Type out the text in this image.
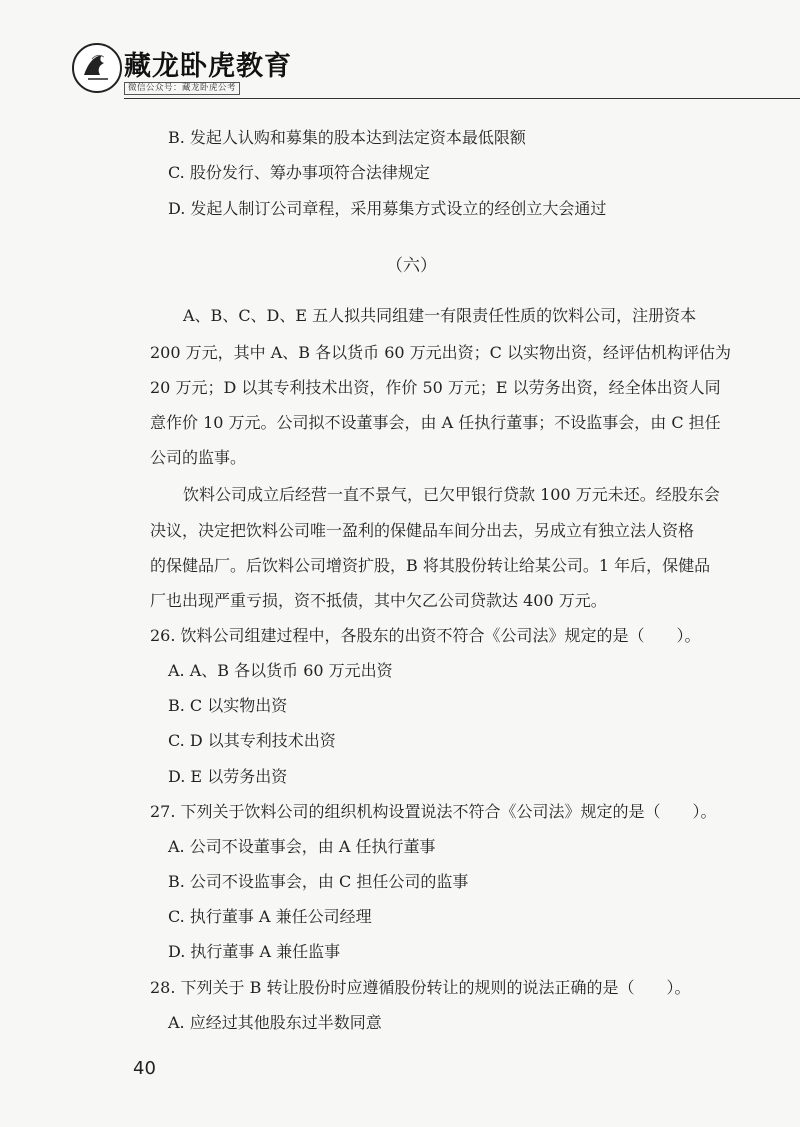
藏龙卧虎教育
微信公众号：藏龙卧虎公考
B. 发起人认购和募集的股本达到法定资本最低限额
C. 股份发行、筹办事项符合法律规定
D. 发起人制订公司章程，采用募集方式设立的经创立大会通过
（六）
A、B、C、D、E 五人拟共同组建一有限责任性质的饮料公司，注册资本
200 万元，其中 A、B 各以货币 60 万元出资；C 以实物出资，经评估机构评估为
20 万元；D 以其专利技术出资，作价 50 万元；E 以劳务出资，经全体出资人同
意作价 10 万元。公司拟不设董事会，由 A 任执行董事；不设监事会，由 C 担任
公司的监事。
饮料公司成立后经营一直不景气，已欠甲银行贷款 100 万元未还。经股东会
决议，决定把饮料公司唯一盈利的保健品车间分出去，另成立有独立法人资格
的保健品厂。后饮料公司增资扩股，B 将其股份转让给某公司。1 年后，保健品
厂也出现严重亏损，资不抵债，其中欠乙公司贷款达 400 万元。
26. 饮料公司组建过程中，各股东的出资不符合《公司法》规定的是（　　）。
A. A、B 各以货币 60 万元出资
B. C 以实物出资
C. D 以其专利技术出资
D. E 以劳务出资
27. 下列关于饮料公司的组织机构设置说法不符合《公司法》规定的是（　　）。
A. 公司不设董事会，由 A 任执行董事
B. 公司不设监事会，由 C 担任公司的监事
C. 执行董事 A 兼任公司经理
D. 执行董事 A 兼任监事
28. 下列关于 B 转让股份时应遵循股份转让的规则的说法正确的是（　　）。
A. 应经过其他股东过半数同意
40
